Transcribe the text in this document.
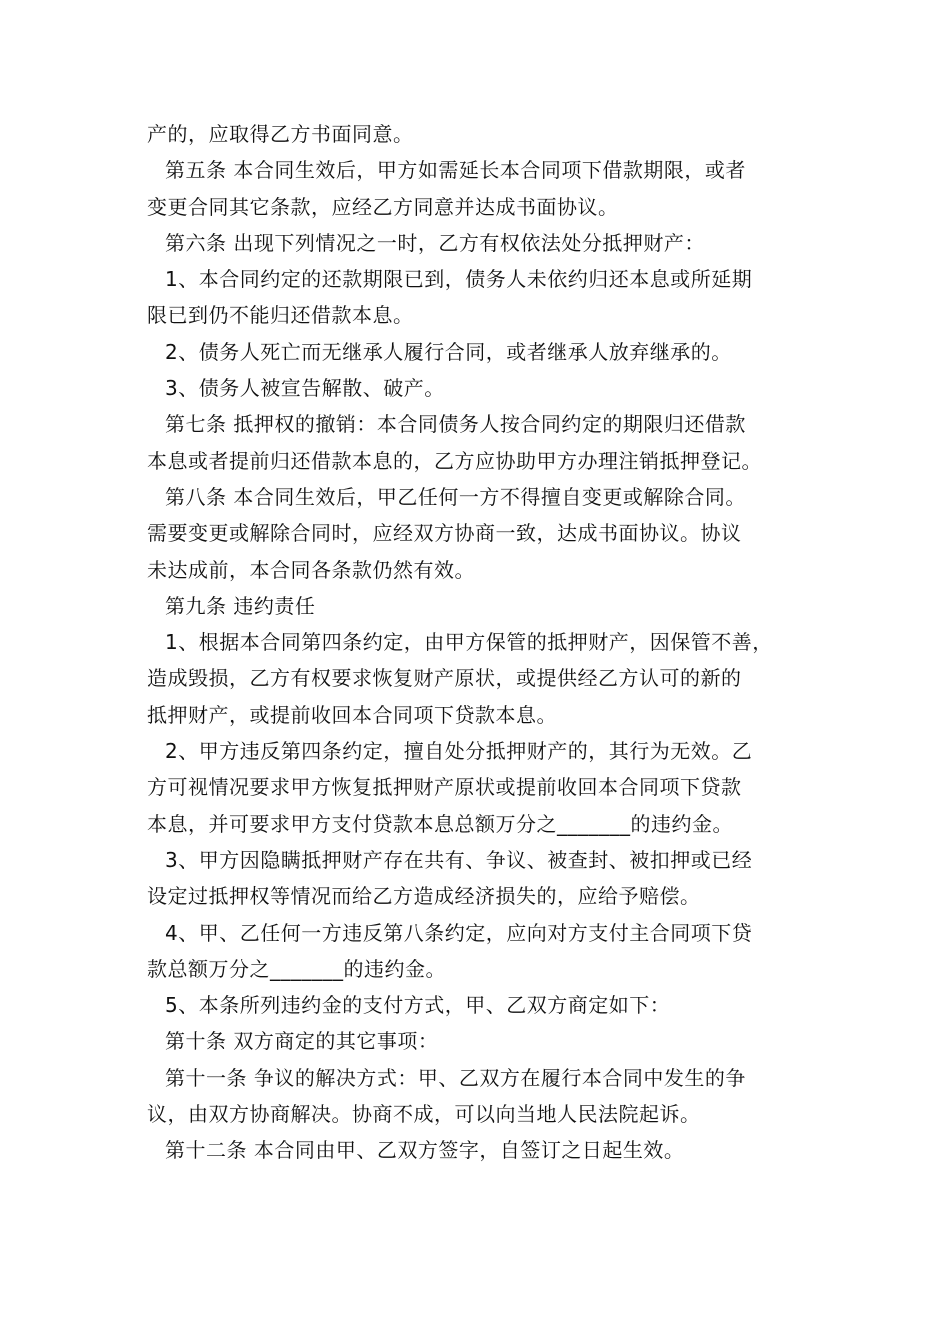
产的，应取得乙方书面同意。
第五条 本合同生效后，甲方如需延长本合同项下借款期限，或者
变更合同其它条款，应经乙方同意并达成书面协议。
第六条 出现下列情况之一时，乙方有权依法处分抵押财产：
1、本合同约定的还款期限已到，债务人未依约归还本息或所延期
限已到仍不能归还借款本息。
2、债务人死亡而无继承人履行合同，或者继承人放弃继承的。
3、债务人被宣告解散、破产。
第七条 抵押权的撤销：本合同债务人按合同约定的期限归还借款
本息或者提前归还借款本息的，乙方应协助甲方办理注销抵押登记。
第八条 本合同生效后，甲乙任何一方不得擅自变更或解除合同。
需要变更或解除合同时，应经双方协商一致，达成书面协议。协议
未达成前，本合同各条款仍然有效。
第九条 违约责任
1、根据本合同第四条约定，由甲方保管的抵押财产，因保管不善，
造成毁损，乙方有权要求恢复财产原状，或提供经乙方认可的新的
抵押财产，或提前收回本合同项下贷款本息。
2、甲方违反第四条约定，擅自处分抵押财产的，其行为无效。乙
方可视情况要求甲方恢复抵押财产原状或提前收回本合同项下贷款
本息，并可要求甲方支付贷款本息总额万分之_______的违约金。
3、甲方因隐瞒抵押财产存在共有、争议、被查封、被扣押或已经
设定过抵押权等情况而给乙方造成经济损失的，应给予赔偿。
4、甲、乙任何一方违反第八条约定，应向对方支付主合同项下贷
款总额万分之_______的违约金。
5、本条所列违约金的支付方式，甲、乙双方商定如下：
第十条 双方商定的其它事项：
第十一条 争议的解决方式：甲、乙双方在履行本合同中发生的争
议，由双方协商解决。协商不成，可以向当地人民法院起诉。
第十二条 本合同由甲、乙双方签字，自签订之日起生效。
